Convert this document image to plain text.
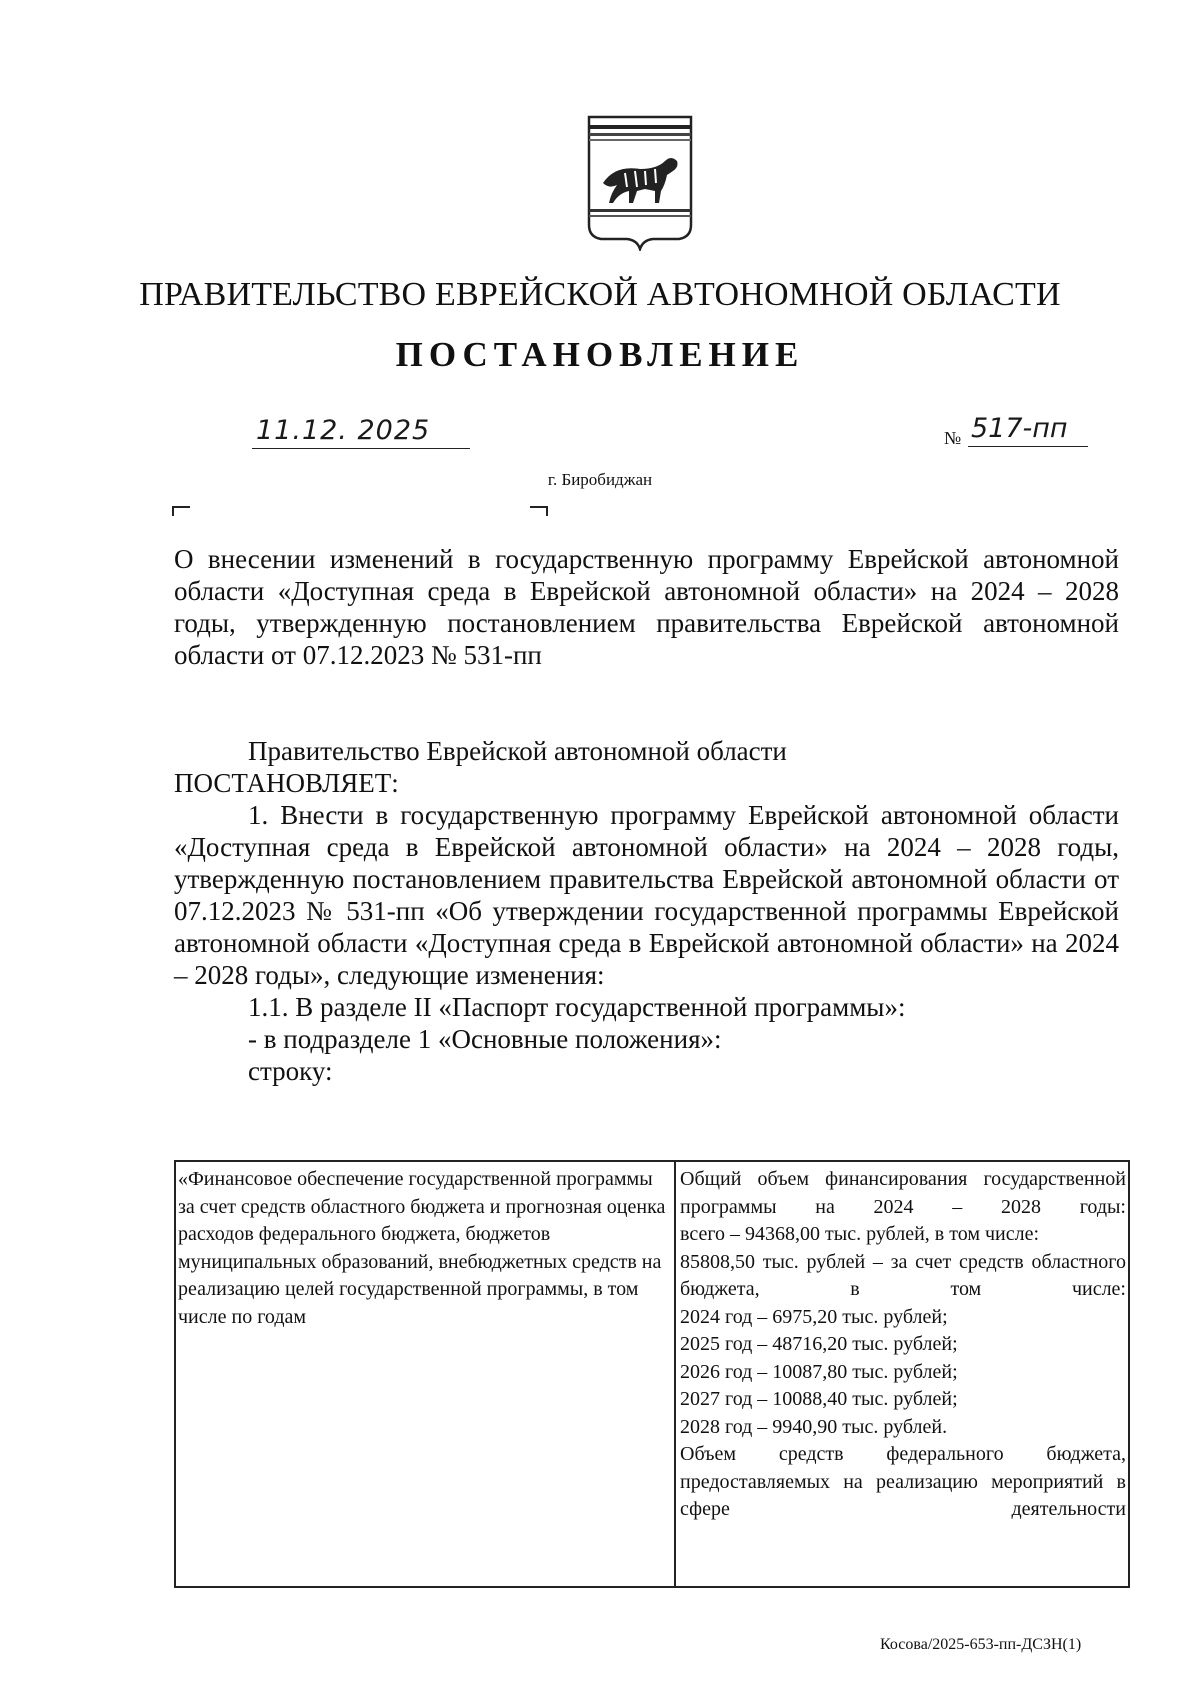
ПРАВИТЕЛЬСТВО ЕВРЕЙСКОЙ АВТОНОМНОЙ ОБЛАСТИ
ПОСТАНОВЛЕНИЕ
11.12. 2025	№ 517-пп
г. Биробиджан
О внесении изменений в государственную программу Еврейской автономной области «Доступная среда в Еврейской автономной области» на 2024 – 2028 годы, утвержденную постановлением правительства Еврейской автономной области от 07.12.2023 № 531-пп

Правительство Еврейской автономной области

ПОСТАНОВЛЯЕТ:

1. Внести в государственную программу Еврейской автономной области «Доступная среда в Еврейской автономной области» на 2024 – 2028 годы, утвержденную постановлением правительства Еврейской автономной области от 07.12.2023 № 531-пп «Об утверждении государственной программы Еврейской автономной области «Доступная среда в Еврейской автономной области» на 2024 – 2028 годы», следующие изменения:

1.1. В разделе II «Паспорт государственной программы»:

- в подразделе 1 «Основные положения»:

строку:

«Финансовое обеспечение государственной программы за счет средств областного бюджета и прогнозная оценка расходов федерального бюджета, бюджетов муниципальных образований, внебюджетных средств на реализацию целей государственной программы, в том числе по годам

Общий объем финансирования государственной программы на 2024 – 2028 годы:

всего – 94368,00 тыс. рублей, в том числе:

85808,50 тыс. рублей – за счет средств областного бюджета, в том числе:

2024 год – 6975,20 тыс. рублей;

2025 год – 48716,20 тыс. рублей;

2026 год – 10087,80 тыс. рублей;

2027 год – 10088,40 тыс. рублей;

2028 год – 9940,90 тыс. рублей.

Объем средств федерального бюджета, предоставляемых на реализацию мероприятий в сфере деятельности

Косова/2025-653-пп-ДСЗН(1)
